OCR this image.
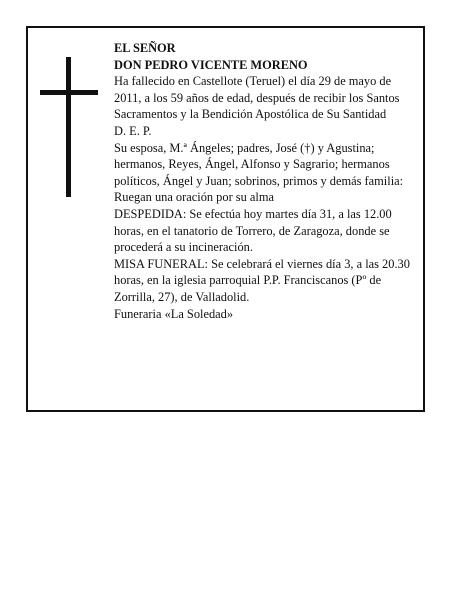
EL SEÑOR

DON PEDRO VICENTE MORENO

Ha fallecido en Castellote (Teruel) el día 29 de mayo de 2011, a los 59 años de edad, después de recibir los Santos Sacramentos y la Bendición Apostólica de Su Santidad

D. E. P.

Su esposa, M.ª Ángeles; padres, José (†) y Agustina; hermanos, Reyes, Ángel, Alfonso y Sagrario; hermanos políticos, Ángel y Juan; sobrinos, primos y demás familia:

Ruegan una oración por su alma

DESPEDIDA: Se efectúa hoy martes día 31, a las 12.00 horas, en el tanatorio de Torrero, de Zaragoza, donde se procederá a su incineración.

MISA FUNERAL: Se celebrará el viernes día 3, a las 20.30 horas, en la iglesia parroquial P.P. Franciscanos (Pº de Zorrilla, 27), de Valladolid.

Funeraria «La Soledad»
